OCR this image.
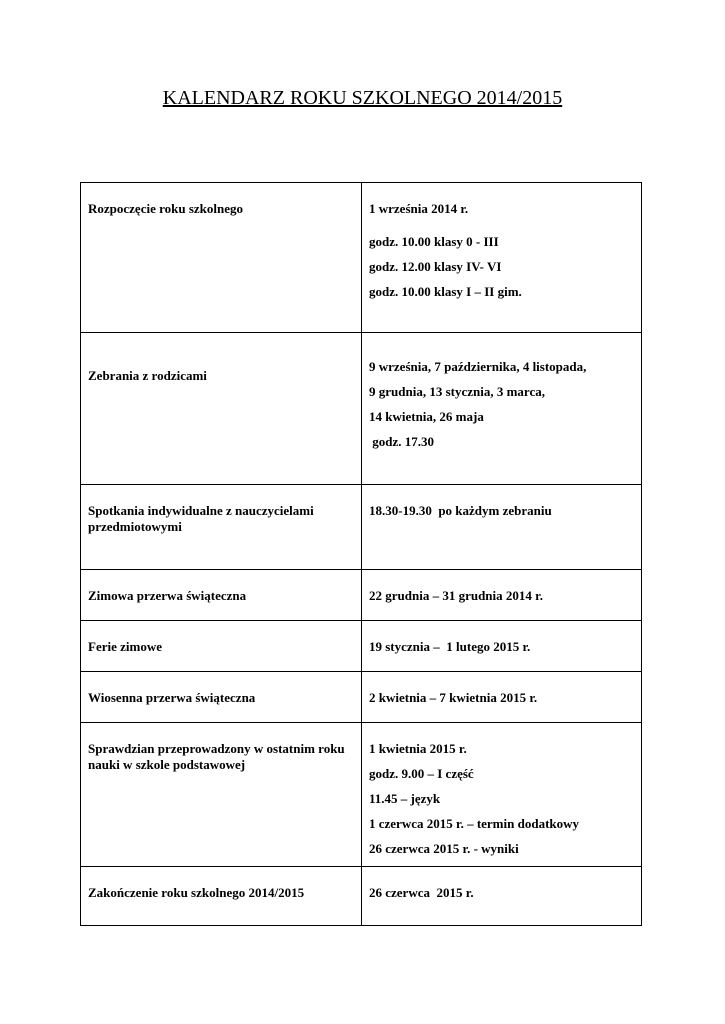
KALENDARZ ROKU SZKOLNEGO 2014/2015
Rozpoczęcie roku szkolnego	1 września 2014 r.
godz. 10.00 klasy 0 - III
godz. 12.00 klasy IV- VI
godz. 10.00 klasy I – II gim.

Zebrania z rodzicami	9 września, 7 października, 4 listopada,
9 grudnia, 13 stycznia, 3 marca,
14 kwietnia, 26 maja
godz. 17.30

Spotkania indywidualne z nauczycielami przedmiotowymi	18.30-19.30  po każdym zebraniu

Zimowa przerwa świąteczna	22 grudnia – 31 grudnia 2014 r.

Ferie zimowe	19 stycznia –  1 lutego 2015 r.

Wiosenna przerwa świąteczna	2 kwietnia – 7 kwietnia 2015 r.

Sprawdzian przeprowadzony w ostatnim roku nauki w szkole podstawowej	1 kwietnia 2015 r.
godz. 9.00 – I część
11.45 – język
1 czerwca 2015 r. – termin dodatkowy
26 czerwca 2015 r. - wyniki

Zakończenie roku szkolnego 2014/2015	26 czerwca  2015 r.
